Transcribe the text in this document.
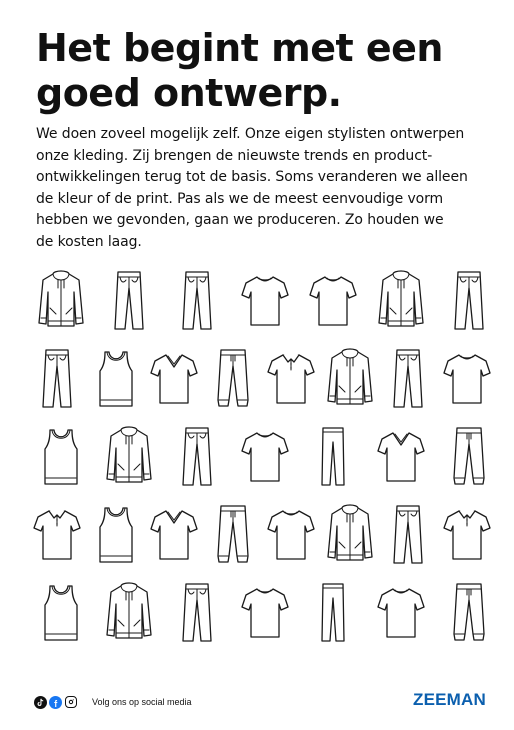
Het begint met een
goed ontwerp.
We doen zoveel mogelijk zelf. Onze eigen stylisten ontwerpen
onze kleding. Zij brengen de nieuwste trends en product-
ontwikkelingen terug tot de basis. Soms veranderen we alleen
de kleur of de print. Pas als we de meest eenvoudige vorm
hebben we gevonden, gaan we produceren. Zo houden we
de kosten laag.
Volg ons op social media	ZEEMAN
